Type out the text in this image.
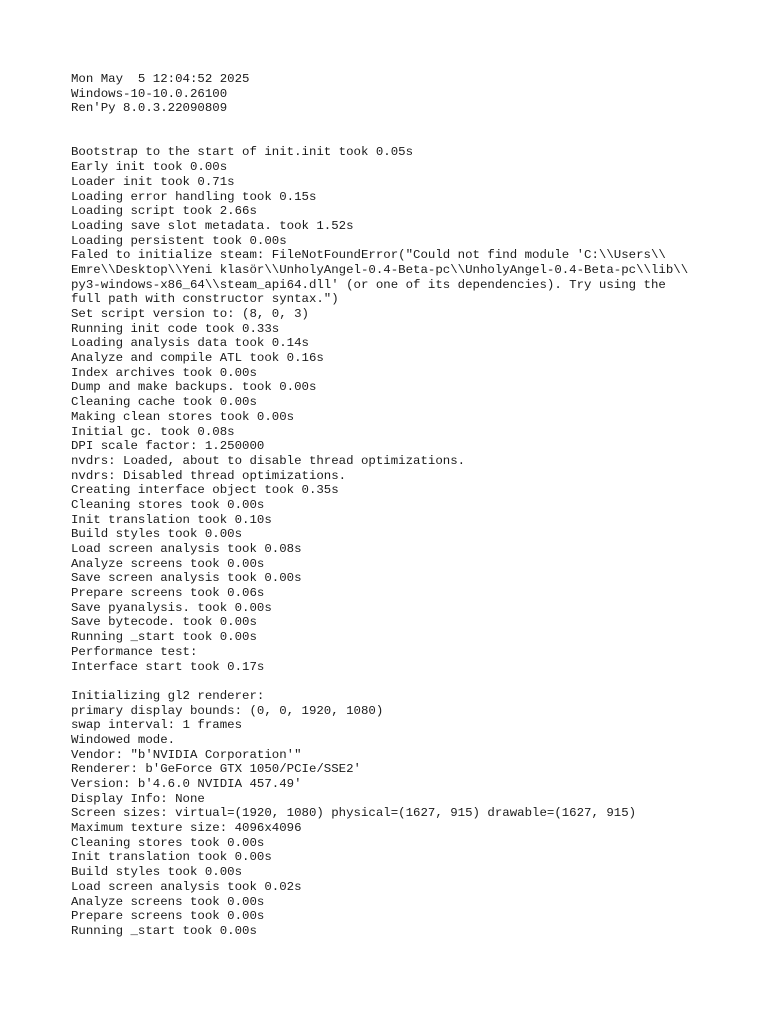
Mon May  5 12:04:52 2025
Windows-10-10.0.26100
Ren'Py 8.0.3.22090809
Bootstrap to the start of init.init took 0.05s
Early init took 0.00s
Loader init took 0.71s
Loading error handling took 0.15s
Loading script took 2.66s
Loading save slot metadata. took 1.52s
Loading persistent took 0.00s
Faled to initialize steam: FileNotFoundError("Could not find module 'C:\\Users\\
Emre\\Desktop\\Yeni klasör\\UnholyAngel-0.4-Beta-pc\\UnholyAngel-0.4-Beta-pc\\lib\\
py3-windows-x86_64\\steam_api64.dll' (or one of its dependencies). Try using the
full path with constructor syntax.")
Set script version to: (8, 0, 3)
Running init code took 0.33s
Loading analysis data took 0.14s
Analyze and compile ATL took 0.16s
Index archives took 0.00s
Dump and make backups. took 0.00s
Cleaning cache took 0.00s
Making clean stores took 0.00s
Initial gc. took 0.08s
DPI scale factor: 1.250000
nvdrs: Loaded, about to disable thread optimizations.
nvdrs: Disabled thread optimizations.
Creating interface object took 0.35s
Cleaning stores took 0.00s
Init translation took 0.10s
Build styles took 0.00s
Load screen analysis took 0.08s
Analyze screens took 0.00s
Save screen analysis took 0.00s
Prepare screens took 0.06s
Save pyanalysis. took 0.00s
Save bytecode. took 0.00s
Running _start took 0.00s
Performance test:
Interface start took 0.17s
Initializing gl2 renderer:
primary display bounds: (0, 0, 1920, 1080)
swap interval: 1 frames
Windowed mode.
Vendor: "b'NVIDIA Corporation'"
Renderer: b'GeForce GTX 1050/PCIe/SSE2'
Version: b'4.6.0 NVIDIA 457.49'
Display Info: None
Screen sizes: virtual=(1920, 1080) physical=(1627, 915) drawable=(1627, 915)
Maximum texture size: 4096x4096
Cleaning stores took 0.00s
Init translation took 0.00s
Build styles took 0.00s
Load screen analysis took 0.02s
Analyze screens took 0.00s
Prepare screens took 0.00s
Running _start took 0.00s
